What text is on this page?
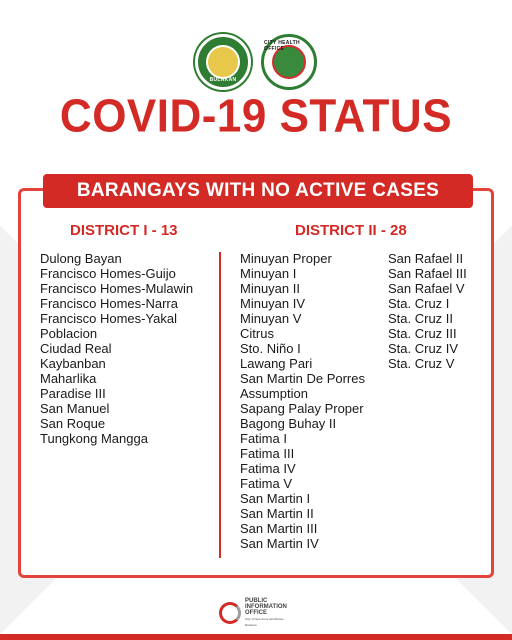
BULAKAN
CITY HEALTH OFFICE
COVID-19 STATUS
BARANGAYS WITH NO ACTIVE CASES
DISTRICT I - 13	DISTRICT II - 28
Dulong Bayan
Francisco Homes-Guijo
Francisco Homes-Mulawin
Francisco Homes-Narra
Francisco Homes-Yakal
Poblacion
Ciudad Real
Kaybanban
Maharlika
Paradise III
San Manuel
San Roque
Tungkong Mangga
Minuyan Proper
Minuyan I
Minuyan II
Minuyan IV
Minuyan V
Citrus
Sto. Niño I
Lawang Pari
San Martin De Porres
Assumption
Sapang Palay Proper
Bagong Buhay II
Fatima I
Fatima III
Fatima IV
Fatima V
San Martin I
San Martin II
San Martin III
San Martin IV
San Rafael II
San Rafael III
San Rafael V
Sta. Cruz I
Sta. Cruz II
Sta. Cruz III
Sta. Cruz IV
Sta. Cruz V
PUBLIC INFORMATION OFFICE
City of San Jose del Monte, Bulacan
